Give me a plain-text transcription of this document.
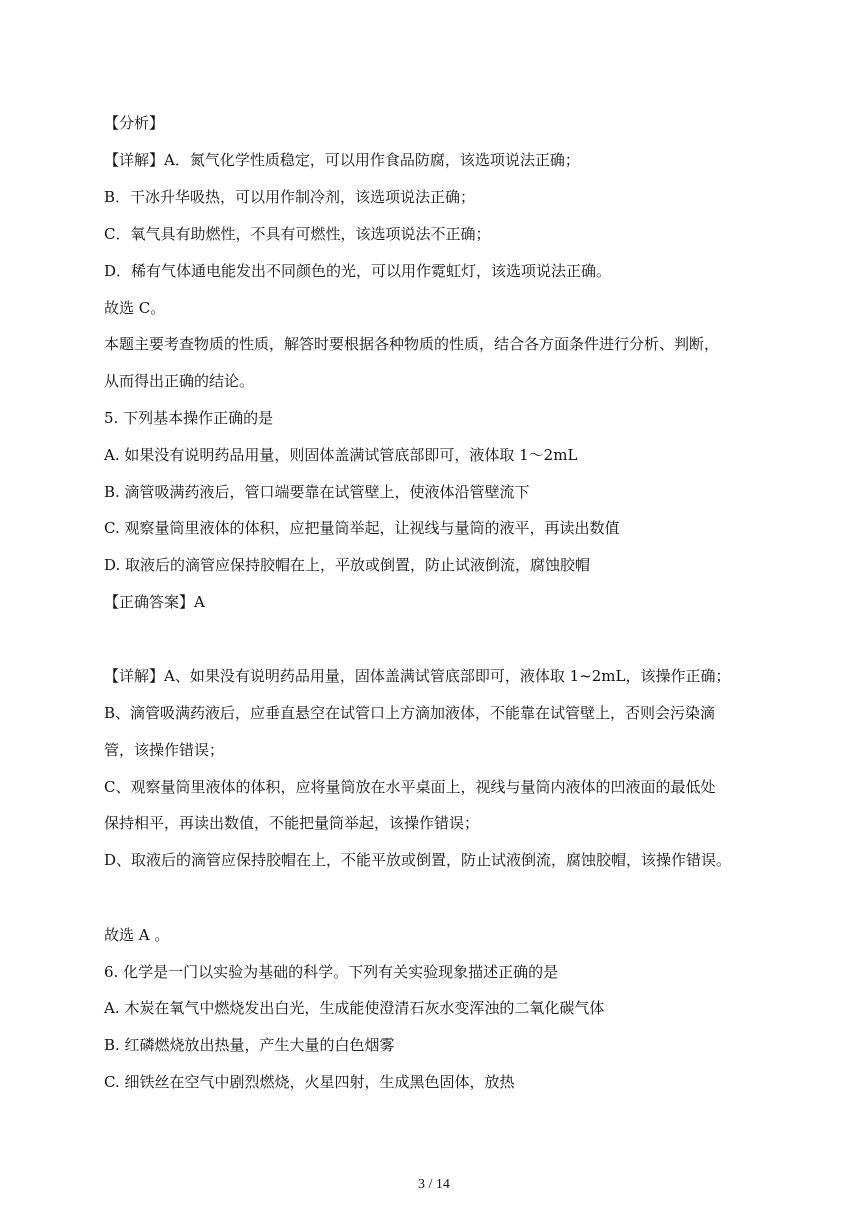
【分析】
【详解】A．氮气化学性质稳定，可以用作食品防腐，该选项说法正确；
B．干冰升华吸热，可以用作制冷剂，该选项说法正确；
C．氧气具有助燃性，不具有可燃性，该选项说法不正确；
D．稀有气体通电能发出不同颜色的光，可以用作霓虹灯，该选项说法正确。
故选 C。
本题主要考查物质的性质，解答时要根据各种物质的性质，结合各方面条件进行分析、判断，
从而得出正确的结论。
5. 下列基本操作正确的是
A. 如果没有说明药品用量，则固体盖满试管底部即可，液体取 1～2mL
B. 滴管吸满药液后，管口端要靠在试管壁上，使液体沿管壁流下
C. 观察量筒里液体的体积，应把量筒举起，让视线与量筒的液平，再读出数值
D. 取液后的滴管应保持胶帽在上，平放或倒置，防止试液倒流，腐蚀胶帽
【正确答案】A
【详解】A、如果没有说明药品用量，固体盖满试管底部即可，液体取 1~2mL，该操作正确；
B、滴管吸满药液后，应垂直悬空在试管口上方滴加液体，不能靠在试管壁上，否则会污染滴
管，该操作错误；
C、观察量筒里液体的体积，应将量筒放在水平桌面上，视线与量筒内液体的凹液面的最低处
保持相平，再读出数值，不能把量筒举起，该操作错误；
D、取液后的滴管应保持胶帽在上，不能平放或倒置，防止试液倒流，腐蚀胶帽，该操作错误。
故选 A 。
6. 化学是一门以实验为基础的科学。下列有关实验现象描述正确的是
A. 木炭在氧气中燃烧发出白光，生成能使澄清石灰水变浑浊的二氧化碳气体
B. 红磷燃烧放出热量，产生大量的白色烟雾
C. 细铁丝在空气中剧烈燃烧，火星四射，生成黑色固体，放热
3 / 14
